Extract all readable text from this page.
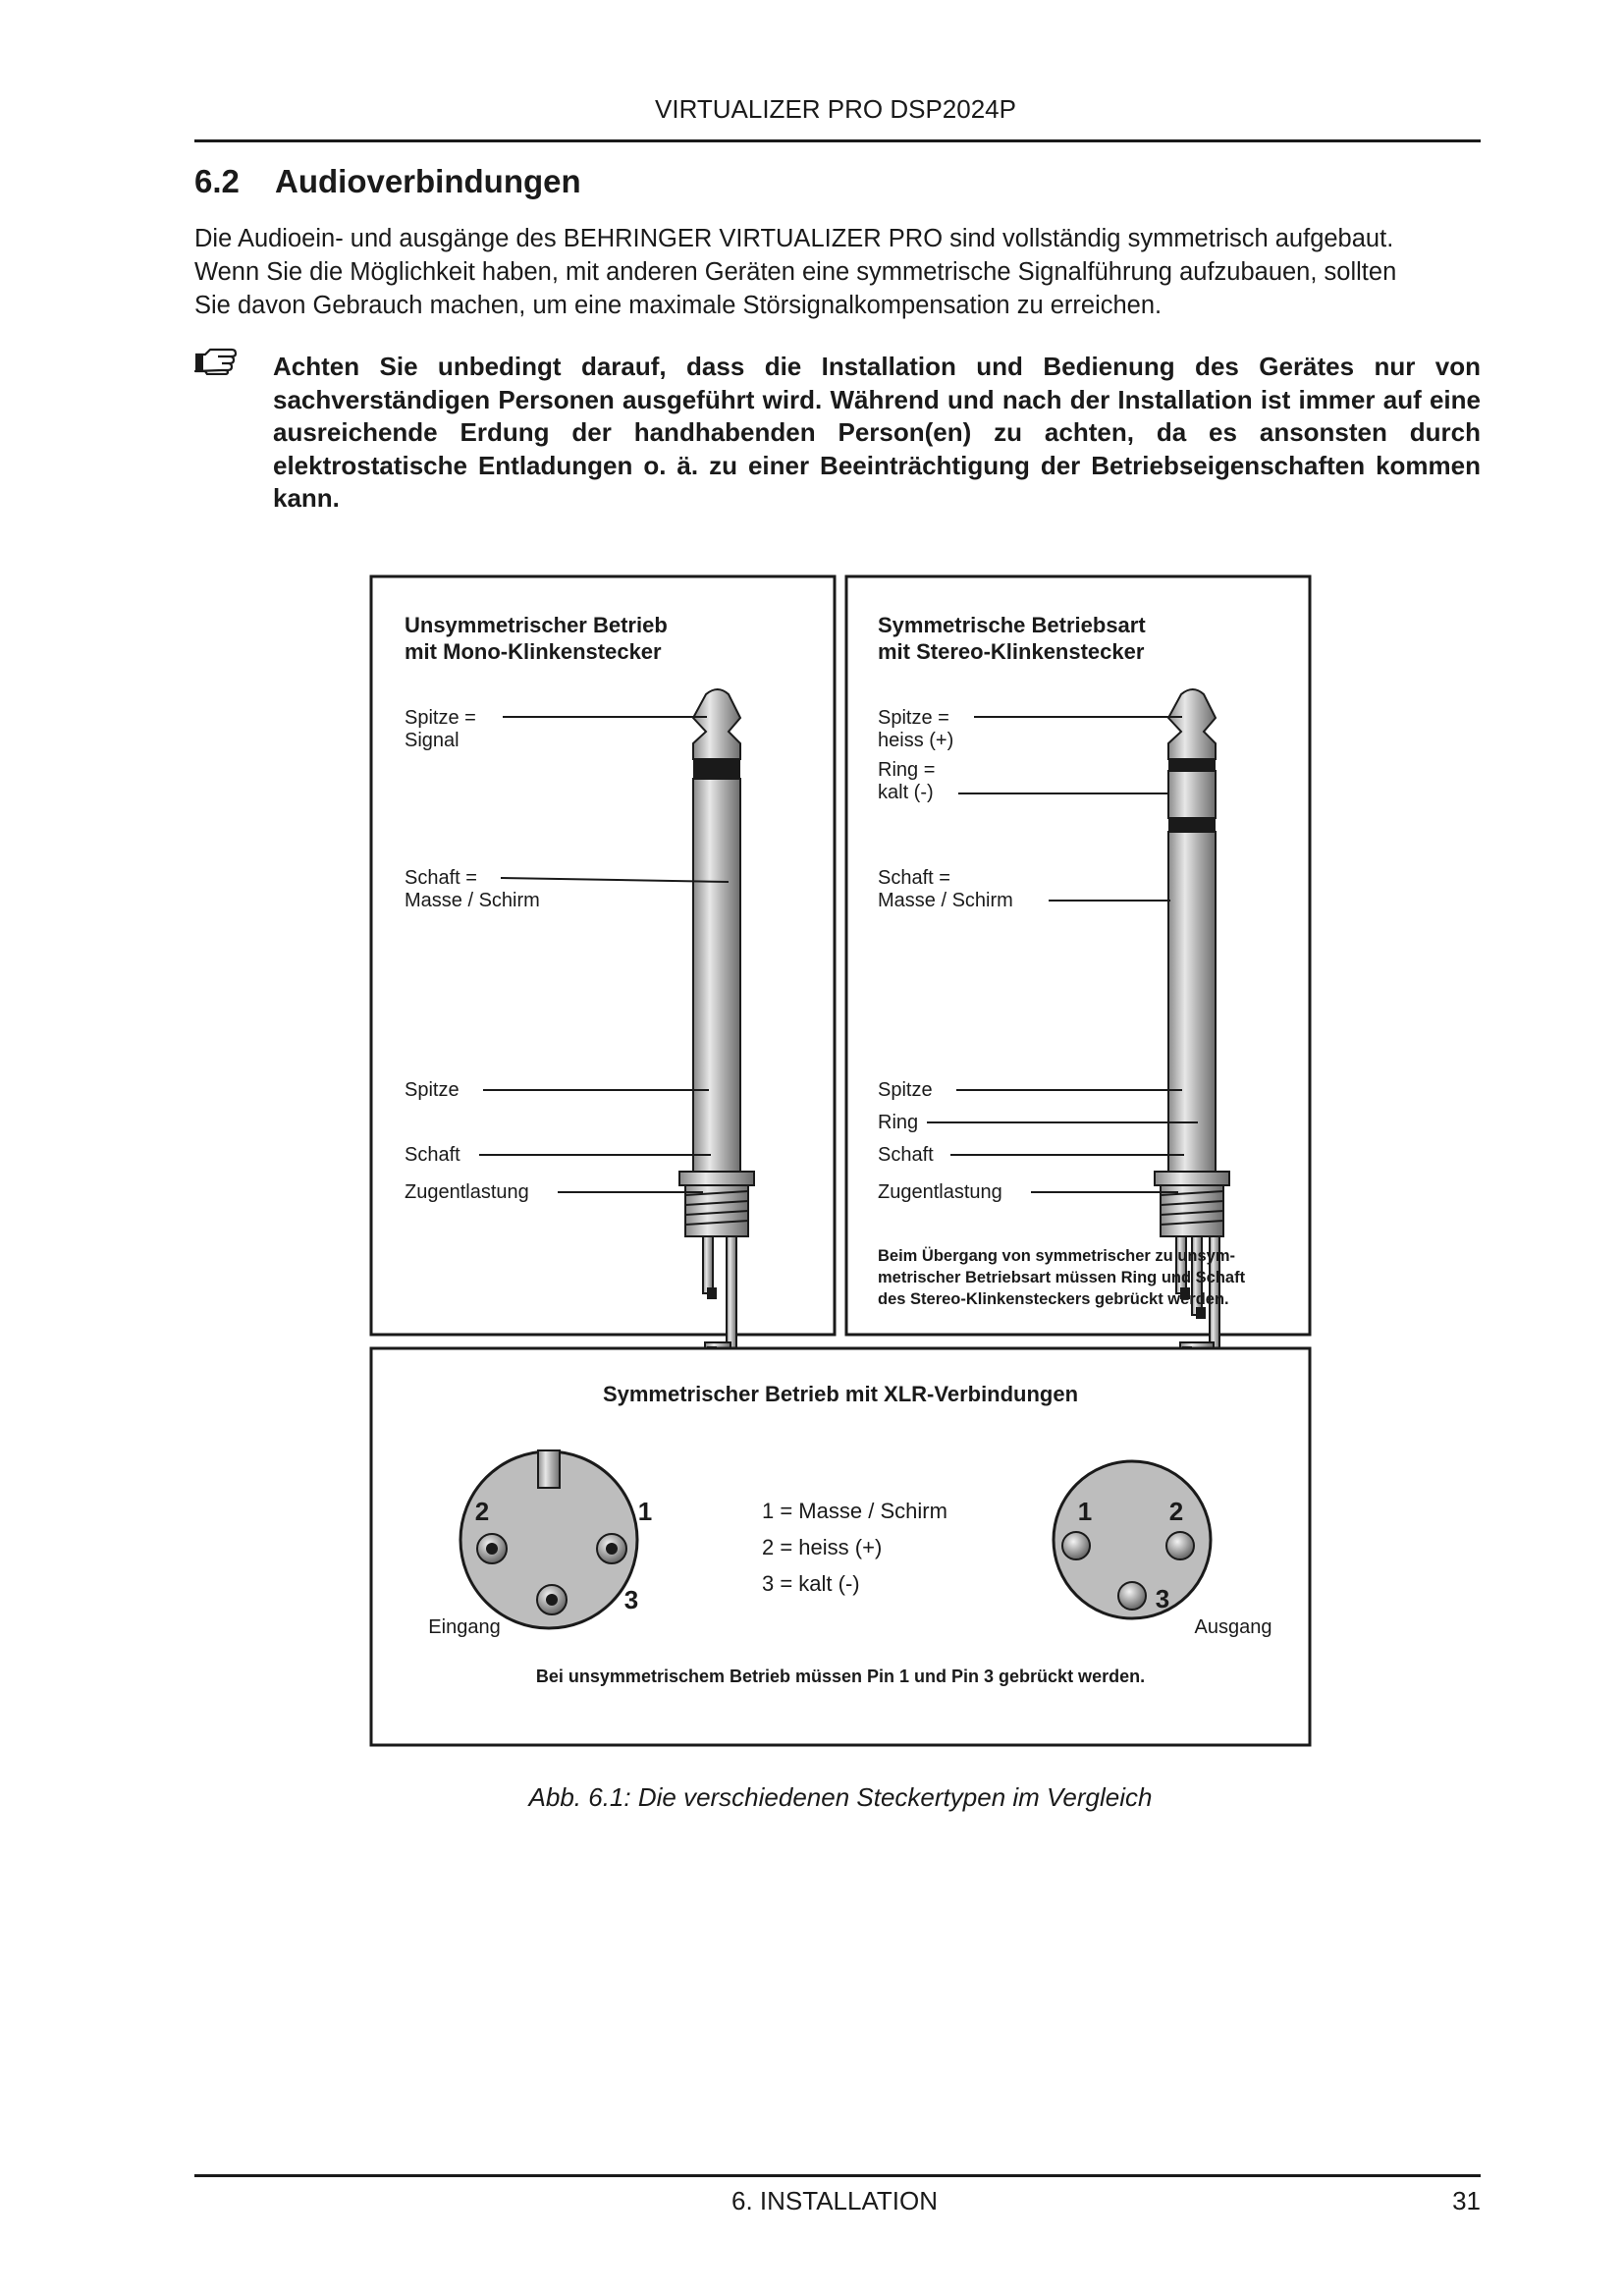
VIRTUALIZER PRO DSP2024P
6.2 Audioverbindungen
Die Audioein- und ausgänge des BEHRINGER VIRTUALIZER PRO sind vollständig symmetrisch aufgebaut.
Wenn Sie die Möglichkeit haben, mit anderen Geräten eine symmetrische Signalführung aufzubauen, sollten
Sie davon Gebrauch machen, um eine maximale Störsignalkompensation zu erreichen.
Achten Sie unbedingt darauf, dass die Installation und Bedienung des Gerätes nur von sachverständigen Personen ausgeführt wird. Während und nach der Installation ist immer auf eine ausreichende Erdung der handhabenden Person(en) zu achten, da es ansonsten durch elektrostatische Entladungen o. ä. zu einer Beeinträchtigung der Betriebseigenschaften kommen kann.
Unsymmetrischer Betrieb
mit Mono-Klinkenstecker
Spitze =
Signal
Schaft =
Masse / Schirm
Spitze
Schaft
Zugentlastung
Symmetrische Betriebsart
mit Stereo-Klinkenstecker
Spitze =
heiss (+)
Ring =
kalt (-)
Schaft =
Masse / Schirm
Spitze
Ring
Schaft
Zugentlastung
Beim Übergang von symmetrischer zu unsym-
metrischer Betriebsart müssen Ring und Schaft
des Stereo-Klinkensteckers gebrückt werden.
Symmetrischer Betrieb mit XLR-Verbindungen
2	1
3
Eingang
1 = Masse / Schirm
2 = heiss (+)
3 = kalt (-)
1	2
3
Ausgang
Bei unsymmetrischem Betrieb müssen Pin 1 und Pin 3 gebrückt werden.
Abb. 6.1: Die verschiedenen Steckertypen im Vergleich
6. INSTALLATION	31
